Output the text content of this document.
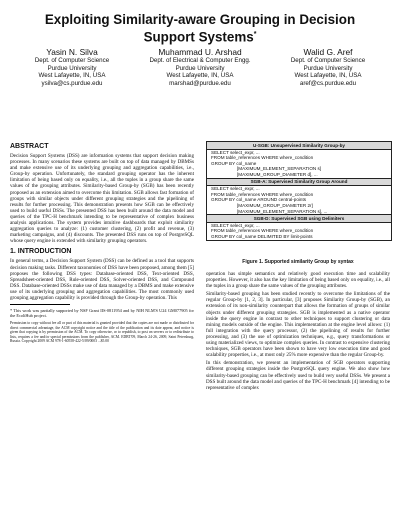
Exploiting Similarity-aware Grouping in Decision Support Systems*
Yasin N. Silva
Dept. of Computer Science
Purdue University
West Lafayette, IN, USA
ysilva@cs.purdue.edu
Muhammad U. Arshad
Dept. of Electrical & Computer Engg.
Purdue University
West Lafayette, IN, USA
marshad@purdue.edu
Walid G. Aref
Dept. of Computer Science
Purdue University
West Lafayette, IN, USA
aref@cs.purdue.edu
ABSTRACT

Decision Support Systems (DSS) are information systems that support decision making processes. In many scenarios these systems are built on top of data managed by DBMSs and make extensive use of its underlying grouping and aggregation capabilities, i.e., Group-by operation. Unfortunately, the standard grouping operator has the inherent limitation of being based only on equality, i.e., all the tuples in a group share the same values of the grouping attributes. Similarity-based Group-by (SGB) has been recently proposed as an extension aimed to overcome this limitation. SGB allows fast formation of groups with similar objects under different grouping strategies and the pipelining of results for further processing. This demonstration presents how SGB can be effectively used to build useful DSSs. The presented DSS has been built around the data model and queries of the TPC-H benchmark intending to be representative of complex business analysis applications. The system provides intuitive dashboards that exploit similarity aggregation queries to analyze: (1) customer clustering, (2) profit and revenue, (3) marketing campaigns, and (4) discounts. The presented DSS runs on top of PostgreSQL whose query engine is extended with similarity grouping operators.

1. INTRODUCTION

In general terms, a Decision Support System (DSS) can be defined as a tool that supports decision making tasks. Different taxonomies of DSS have been proposed, among them [5] proposes the following DSS types: Database-oriented DSS, Text-oriented DSS, Spreadsheet-oriented DSS, Rule-oriented DSS, Solver-oriented DSS, and Compound DSS. Database-oriented DSSs make use of data managed by a DBMS and make extensive use of its underlying grouping and aggregation capabilities. The most commonly used grouping aggregation capability is provided through the Group-by operation. This

* This work was partially supported by NSF Grant IIS-0811954 and by NIH NLM'S U24 GM077905 for the EcoliHub project.

Permission to copy without fee all or part of this material is granted provided that the copies are not made or distributed for direct commercial advantage, the ACM copyright notice and the title of the publication and its date appear, and notice is given that copying is by permission of the ACM. To copy otherwise, or to republish, to post on servers or to redistribute to lists, requires a fee and/or special permissions from the publisher, ACM. EDBT'09, March 24-26, 2009, Saint Petersburg, Russia. Copyright 2009 ACM 978-1-60558-422-5/09/0003 ...$5.00

U-SGB: Unsupervised Similarity Group-by
SELECT select_expr, ...
FROM table_references WHERE where_condition
GROUP BY col_name
[MAXIMUM_ELEMENT_SEPARATION s]
[MAXIMUM_GROUP_DIAMETER d], ...
SGB-A: Supervised Similarity Group Around
SELECT select_expr, ...
FROM table_references WHERE where_condition
GROUP BY col_name AROUND central-points
[MAXIMUM_GROUP_DIAMETER 2r]
[MAXIMUM_ELEMENT_SEPARATION s], ...
SGB-D: Supervised SGB using Delimiters
SELECT select_expr, ...
FROM table_references WHERE where_condition
GROUP BY col_name DELIMITED BY limit-points
Figure 1. Supported similarity Group by syntax

operation has simple semantics and relatively good execution time and scalability properties. However, it also has the key limitation of being based only on equality, i.e., all the tuples in a group share the same values of the grouping attributes.

Similarity-based grouping has been studied recently to overcome the limitations of the regular Group-by [1, 2, 3]. In particular, [3] proposes Similarity Group-by (SGB), an extension of its non-similarity counterpart that allows the formation of groups of similar objects under different grouping strategies. SGB is implemented as a native operator inside the query engine in contrast to other techniques to support clustering or data mining models outside of the engine. This implementation at the engine level allows: (1) full integration with the query processor, (2) the pipelining of results for further processing, and (3) the use of optimization techniques, e.g., query transformations or using materialized views, to optimize complex queries. In contrast to expensive clustering techniques, SGB operators have been shown to have very low execution time and good scalability properties, i.e., at most only 25% more expensive than the regular Group-by.

In this demonstration, we present an implementation of SGB operators supporting different grouping strategies inside the PostgreSQL query engine. We also show how similarity-based grouping can be effectively used to build very useful DSSs. We present a DSS built around the data model and queries of the TPC-H benchmark [4] intending to be representative of complex
